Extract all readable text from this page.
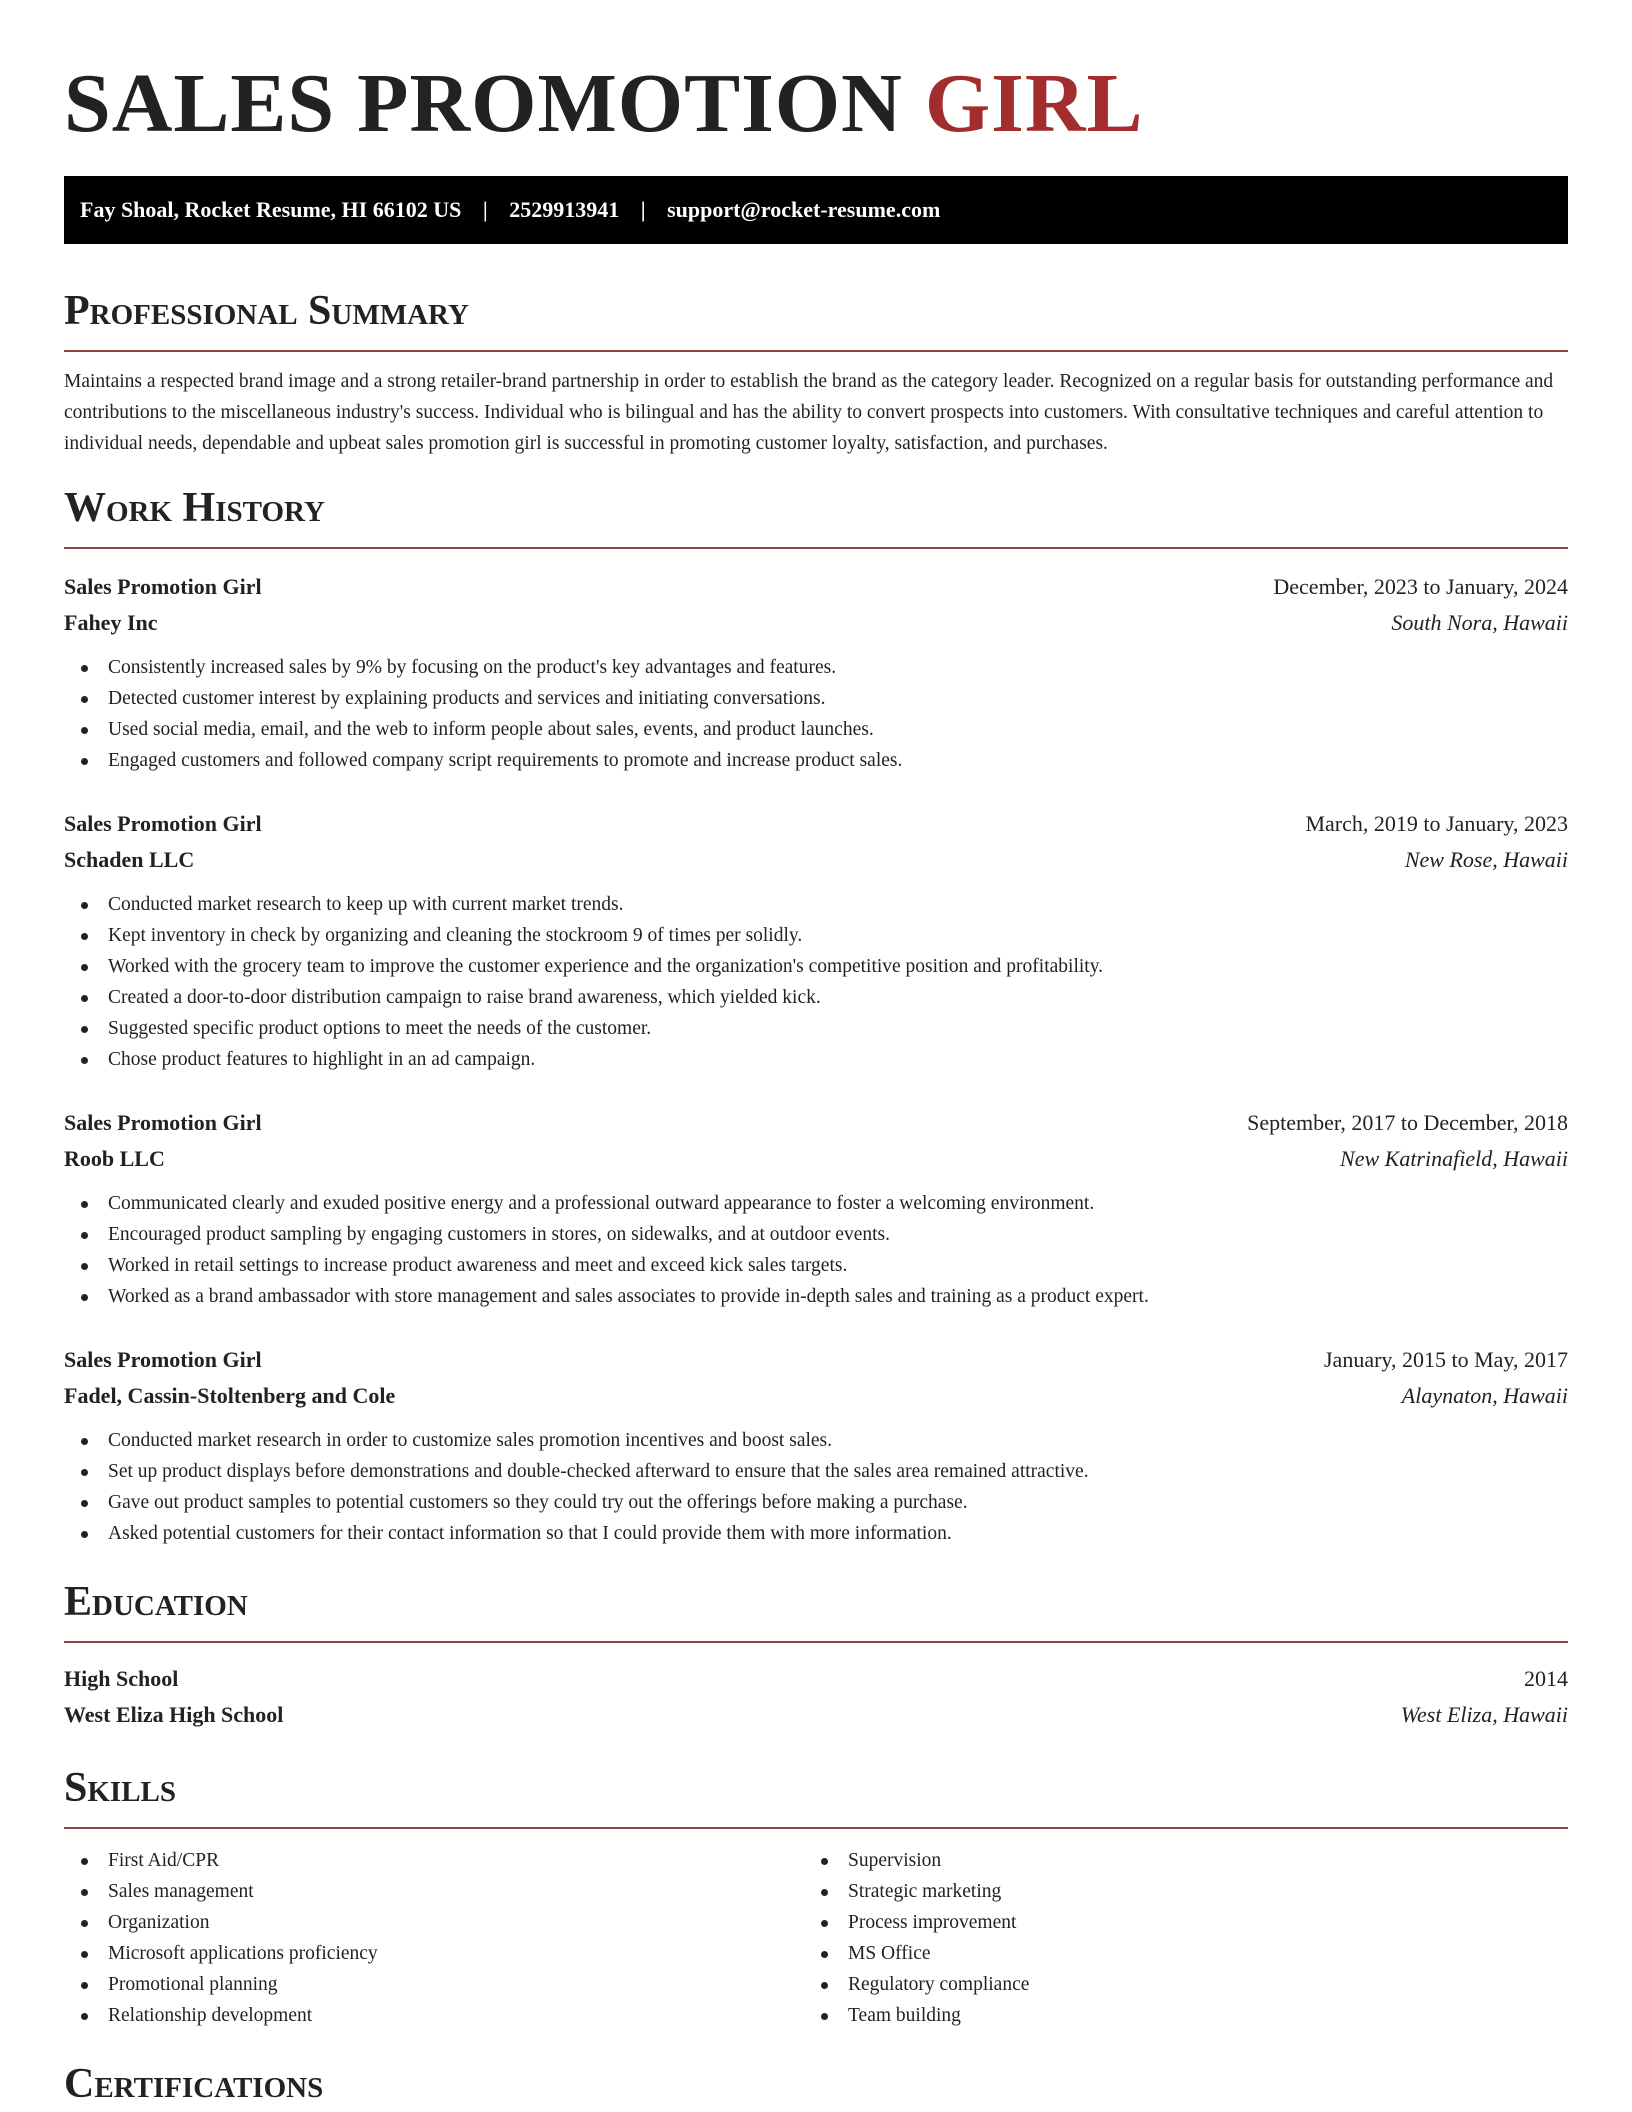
SALES PROMOTION GIRL
Fay Shoal, Rocket Resume, HI 66102 US | 2529913941 | support@rocket-resume.com
Professional Summary

Maintains a respected brand image and a strong retailer-brand partnership in order to establish the brand as the category leader. Recognized on a regular basis for outstanding performance and contributions to the miscellaneous industry's success. Individual who is bilingual and has the ability to convert prospects into customers. With consultative techniques and careful attention to individual needs, dependable and upbeat sales promotion girl is successful in promoting customer loyalty, satisfaction, and purchases.

Work History
Sales Promotion Girl	December, 2023 to January, 2024
Fahey Inc	South Nora, Hawaii
Consistently increased sales by 9% by focusing on the product's key advantages and features.
Detected customer interest by explaining products and services and initiating conversations.
Used social media, email, and the web to inform people about sales, events, and product launches.
Engaged customers and followed company script requirements to promote and increase product sales.
Sales Promotion Girl	March, 2019 to January, 2023
Schaden LLC	New Rose, Hawaii
Conducted market research to keep up with current market trends.
Kept inventory in check by organizing and cleaning the stockroom 9 of times per solidly.
Worked with the grocery team to improve the customer experience and the organization's competitive position and profitability.
Created a door-to-door distribution campaign to raise brand awareness, which yielded kick.
Suggested specific product options to meet the needs of the customer.
Chose product features to highlight in an ad campaign.
Sales Promotion Girl	September, 2017 to December, 2018
Roob LLC	New Katrinafield, Hawaii
Communicated clearly and exuded positive energy and a professional outward appearance to foster a welcoming environment.
Encouraged product sampling by engaging customers in stores, on sidewalks, and at outdoor events.
Worked in retail settings to increase product awareness and meet and exceed kick sales targets.
Worked as a brand ambassador with store management and sales associates to provide in-depth sales and training as a product expert.
Sales Promotion Girl	January, 2015 to May, 2017
Fadel, Cassin-Stoltenberg and Cole	Alaynaton, Hawaii
Conducted market research in order to customize sales promotion incentives and boost sales.
Set up product displays before demonstrations and double-checked afterward to ensure that the sales area remained attractive.
Gave out product samples to potential customers so they could try out the offerings before making a purchase.
Asked potential customers for their contact information so that I could provide them with more information.
Education
High School	2014
West Eliza High School	West Eliza, Hawaii
Skills
First Aid/CPR
Sales management
Organization
Microsoft applications proficiency
Promotional planning
Relationship development
Supervision
Strategic marketing
Process improvement
MS Office
Regulatory compliance
Team building
Certifications
